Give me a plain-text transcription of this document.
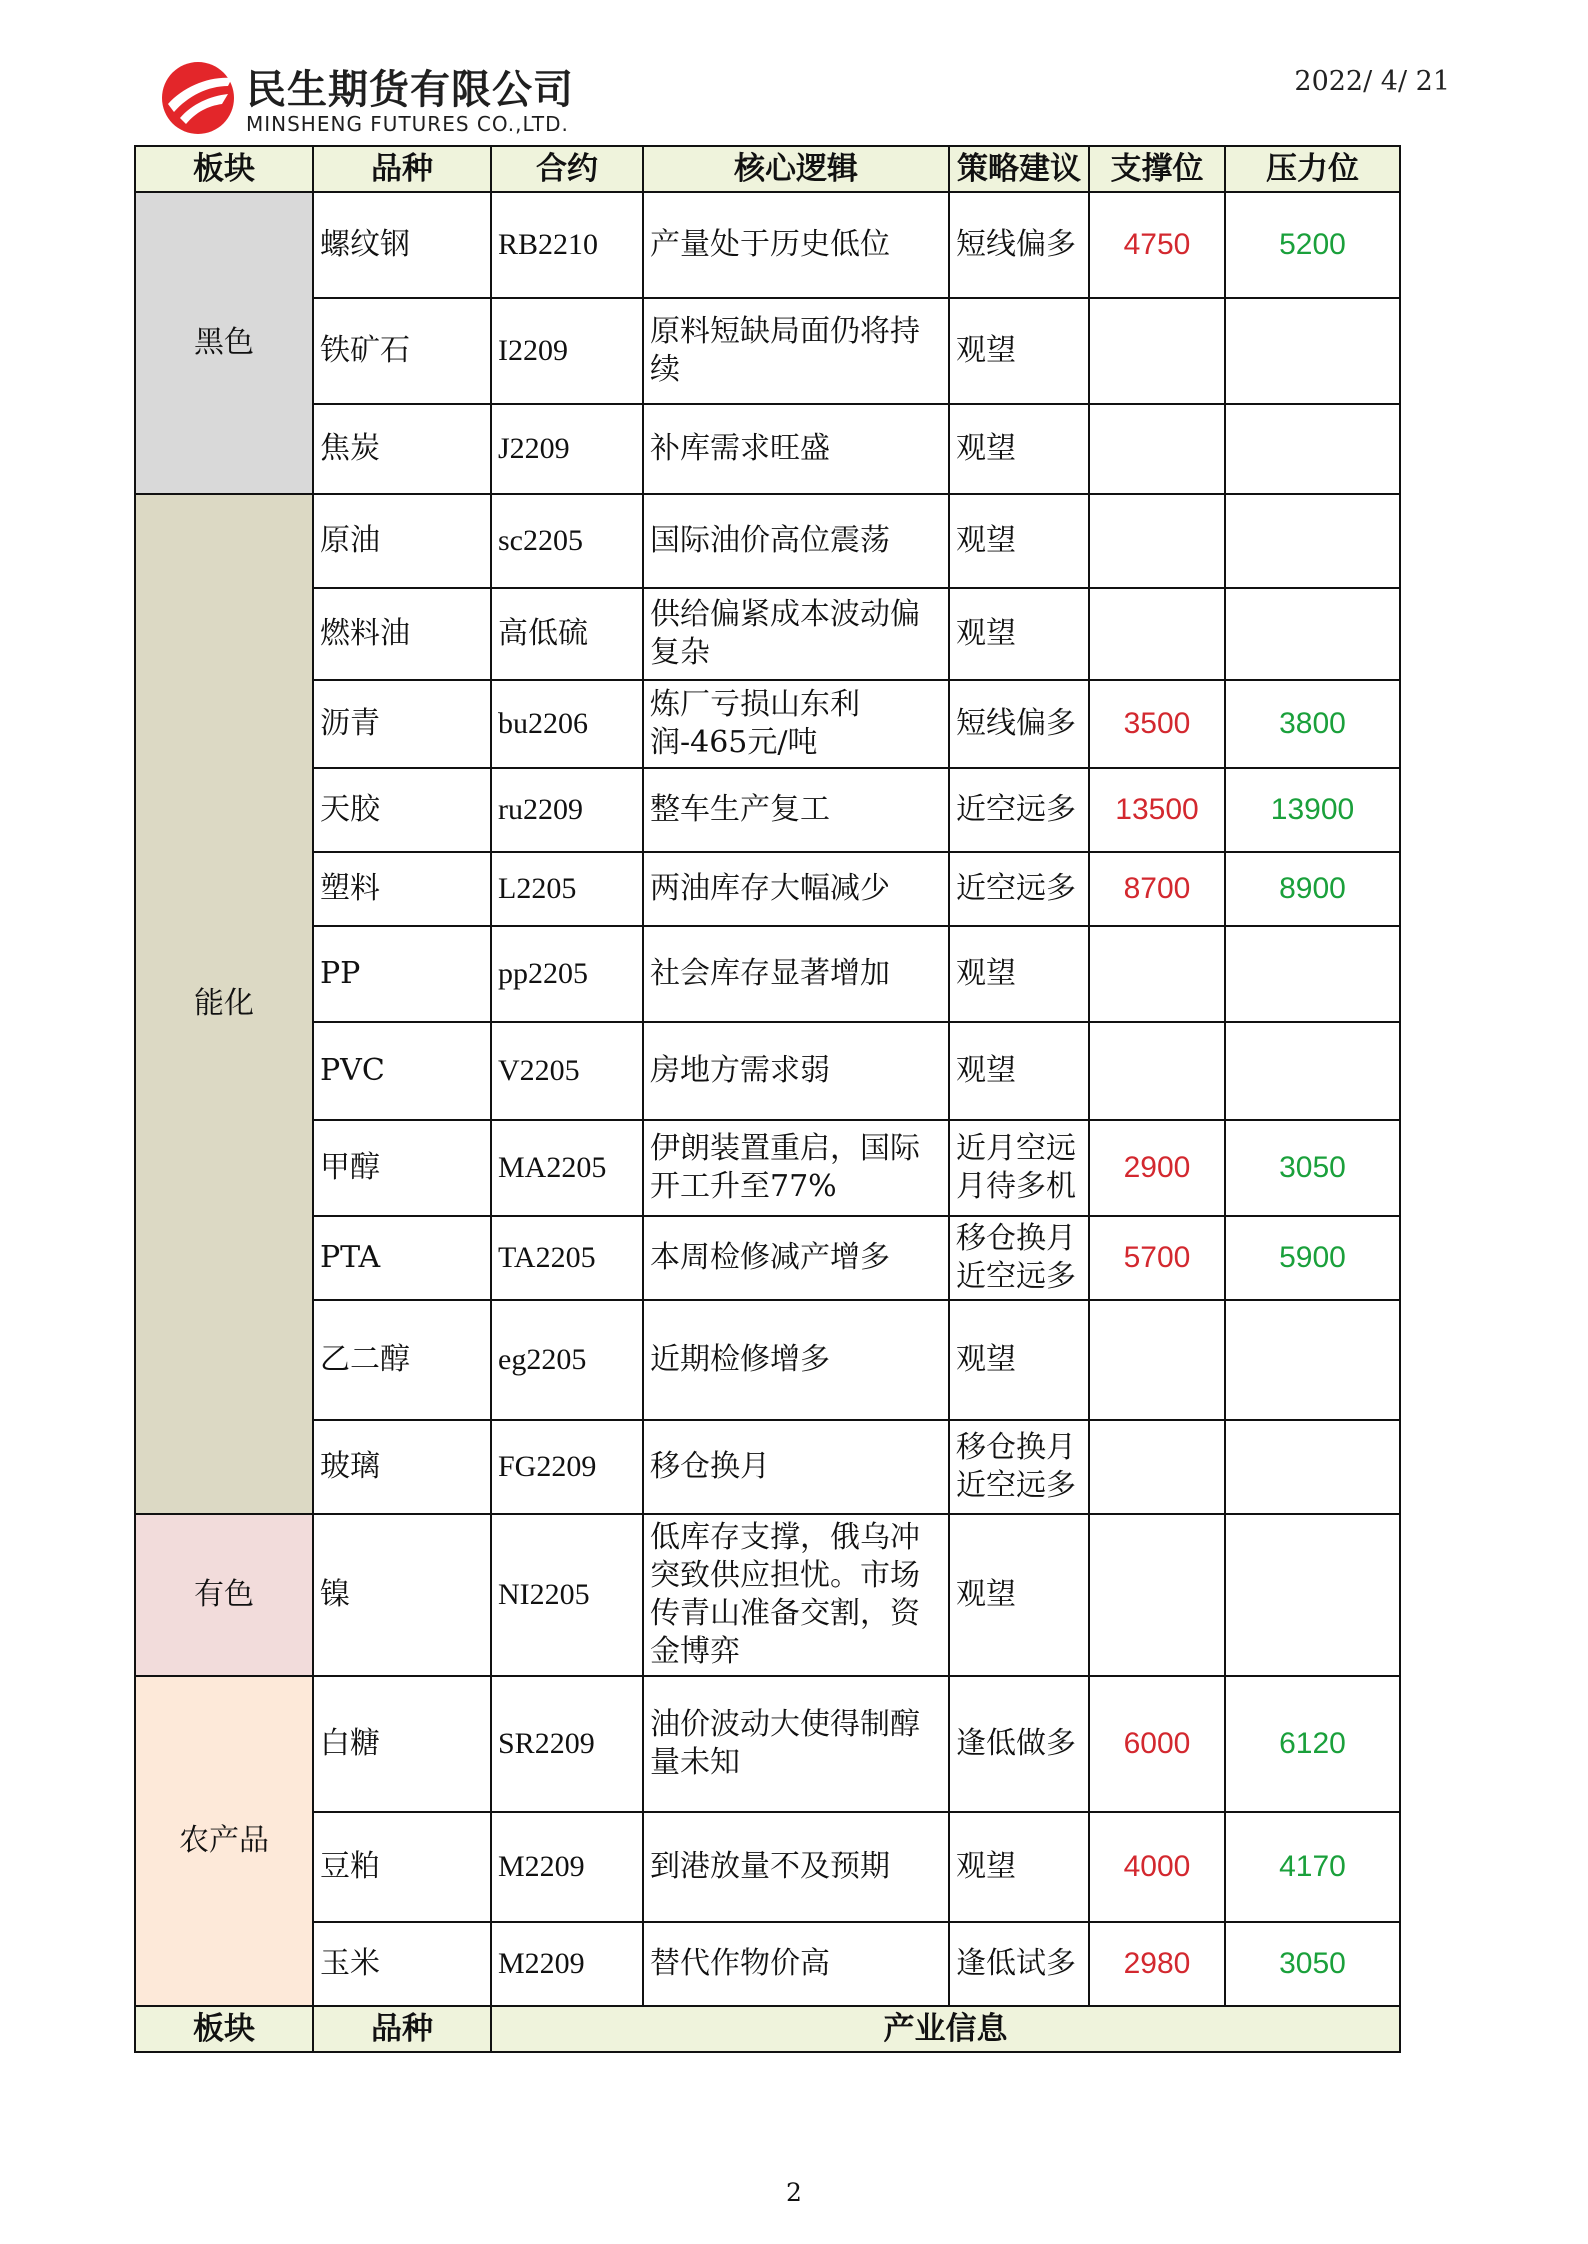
民生期货有限公司
MINSHENG FUTURES CO.,LTD.
2022/ 4/ 21
板块	品种	合约	核心逻辑	策略建议	支撑位	压力位
黑色	螺纹钢	RB2210	产量处于历史低位	短线偏多	4750	5200
	铁矿石	I2209	原料短缺局面仍将持续	观望		
	焦炭	J2209	补库需求旺盛	观望		
能化	原油	sc2205	国际油价高位震荡	观望		
	燃料油	高低硫	供给偏紧成本波动偏复杂	观望		
	沥青	bu2206	炼厂亏损山东利润-465元/吨	短线偏多	3500	3800
	天胶	ru2209	整车生产复工	近空远多	13500	13900
	塑料	L2205	两油库存大幅减少	近空远多	8700	8900
	PP	pp2205	社会库存显著增加	观望		
	PVC	V2205	房地方需求弱	观望		
	甲醇	MA2205	伊朗装置重启，国际开工升至77%	近月空远月待多机	2900	3050
	PTA	TA2205	本周检修减产增多	移仓换月近空远多	5700	5900
	乙二醇	eg2205	近期检修增多	观望		
	玻璃	FG2209	移仓换月	移仓换月近空远多		
有色	镍	NI2205	低库存支撑，俄乌冲突致供应担忧。市场传青山准备交割，资金博弈	观望		
农产品	白糖	SR2209	油价波动大使得制醇量未知	逢低做多	6000	6120
	豆粕	M2209	到港放量不及预期	观望	4000	4170
	玉米	M2209	替代作物价高	逢低试多	2980	3050
板块	品种	产业信息				
2
